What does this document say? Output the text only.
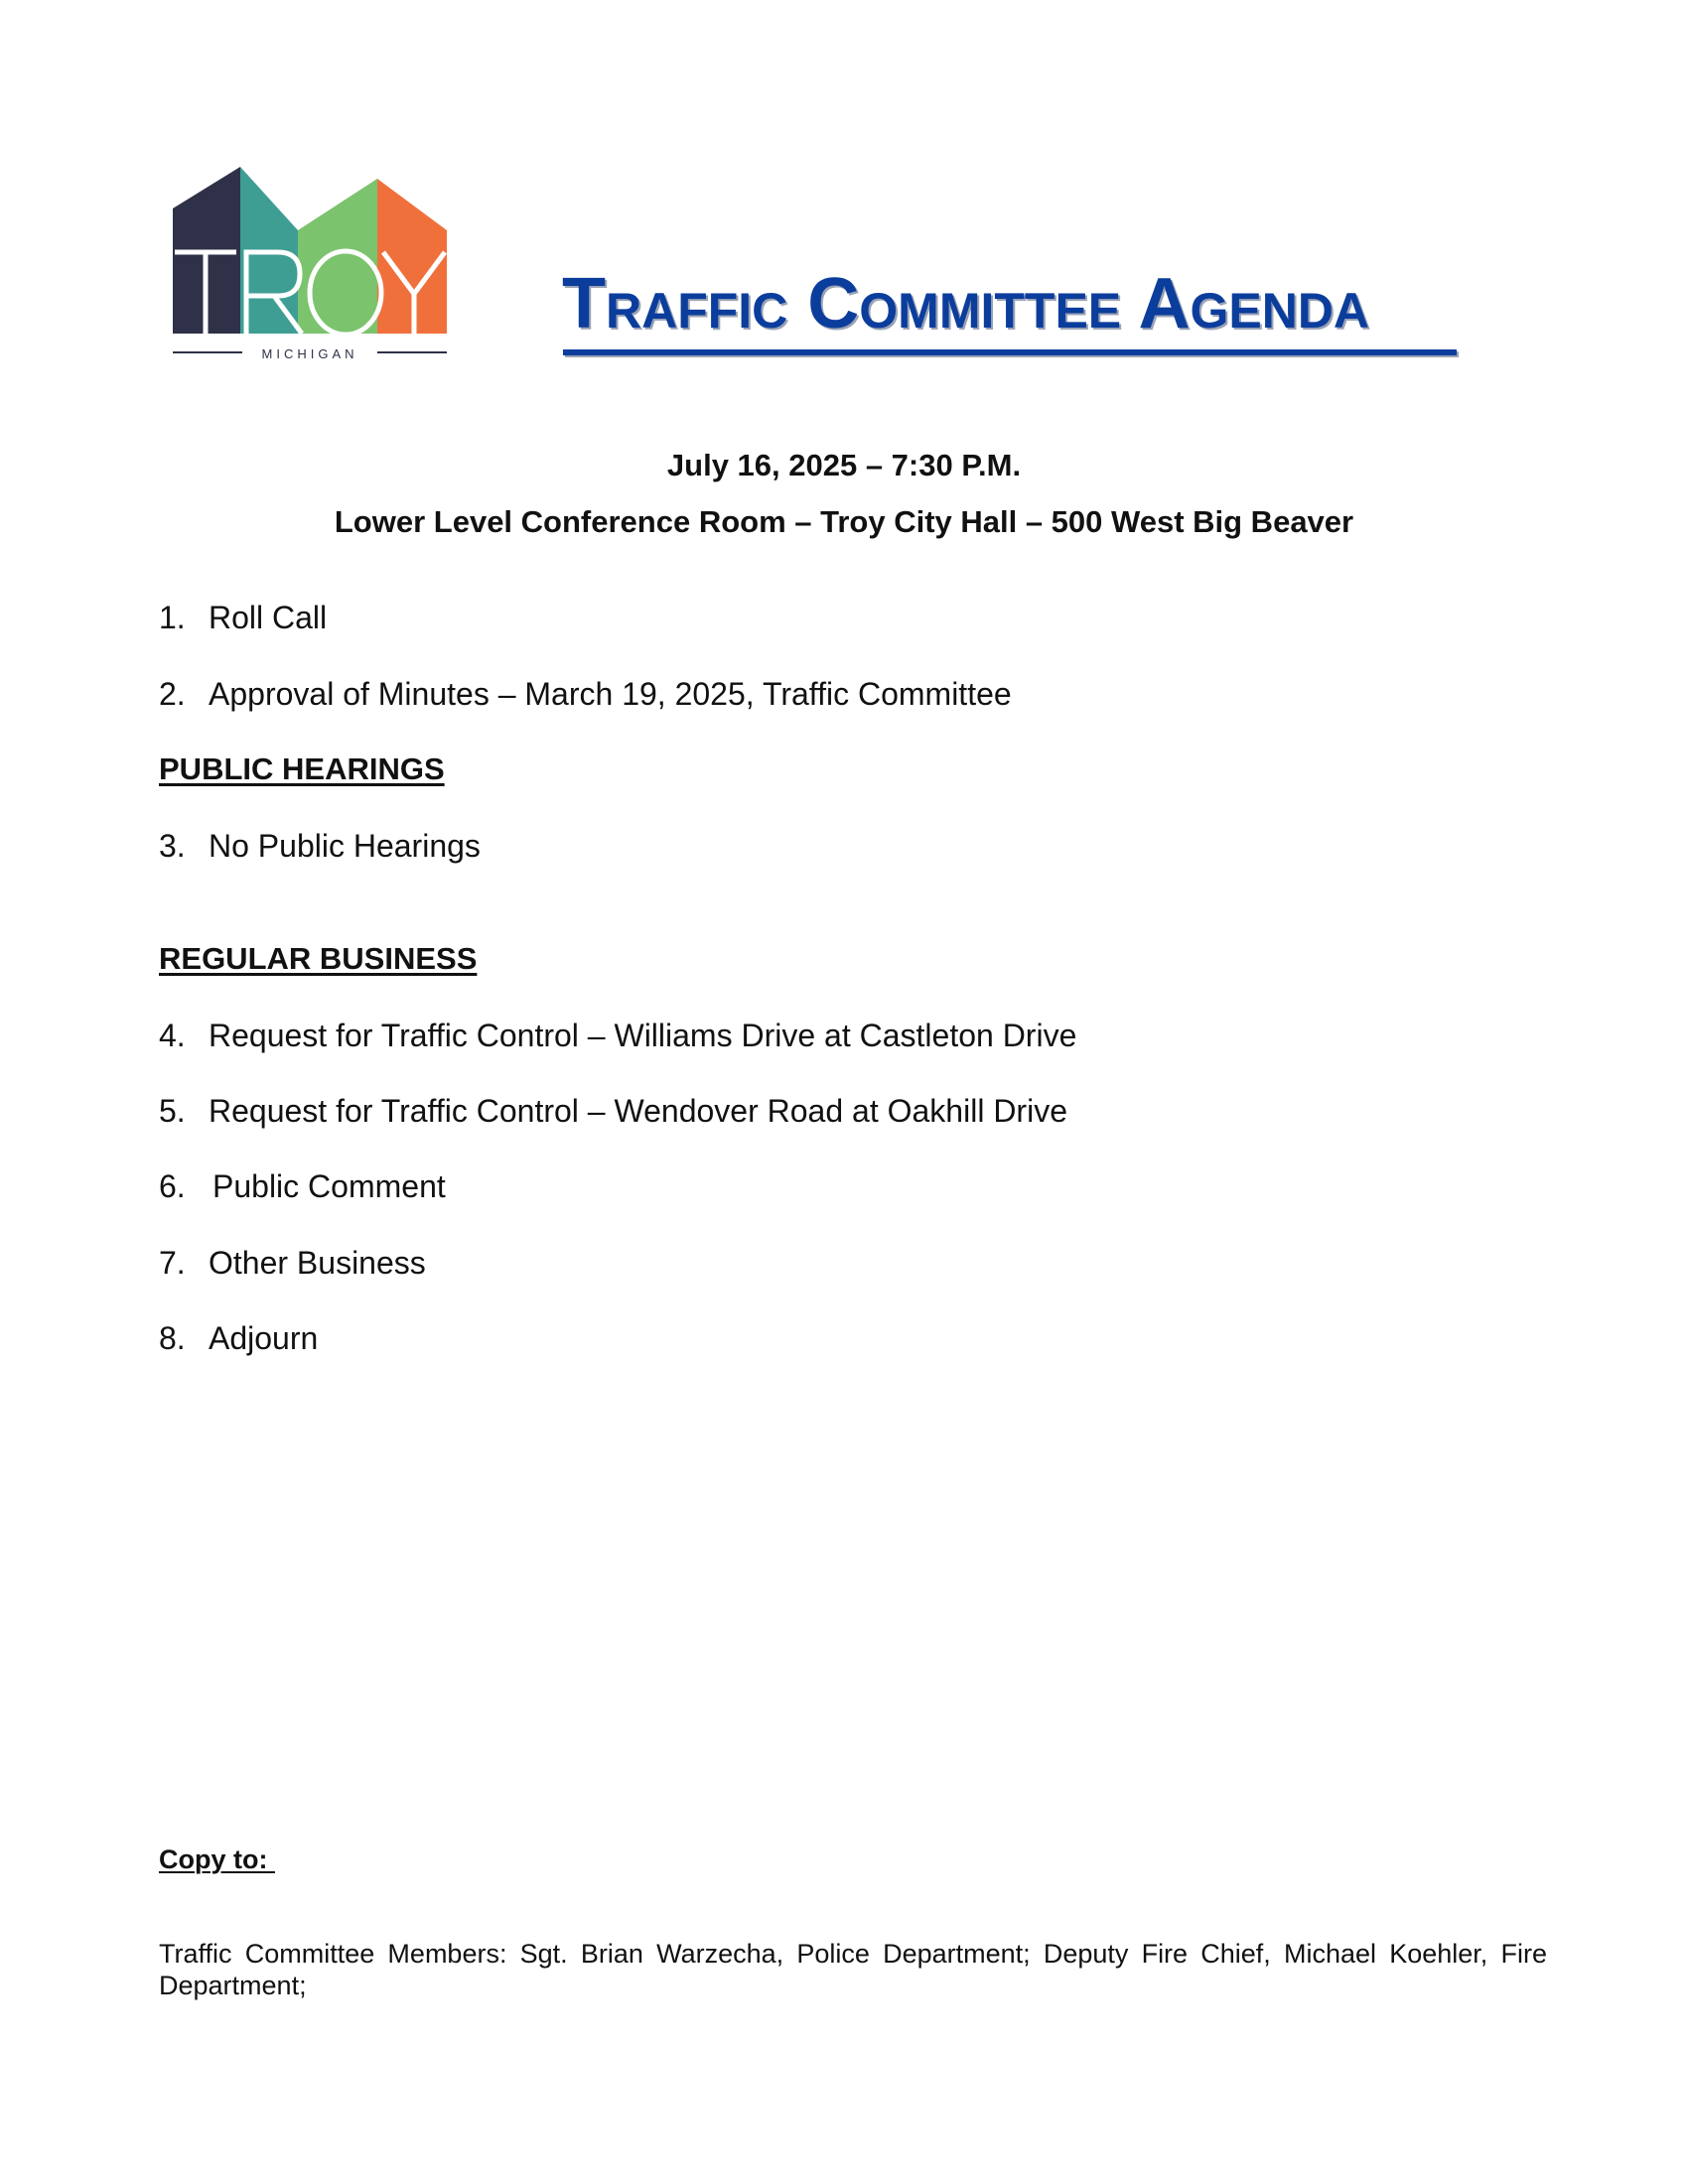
MICHIGAN
Traffic Committee Agenda
July 16, 2025 – 7:30 P.M.
Lower Level Conference Room – Troy City Hall – 500 West Big Beaver
1. Roll Call
2. Approval of Minutes – March 19, 2025, Traffic Committee
PUBLIC HEARINGS
3. No Public Hearings
REGULAR BUSINESS
4. Request for Traffic Control – Williams Drive at Castleton Drive
5. Request for Traffic Control – Wendover Road at Oakhill Drive
6. Public Comment
7. Other Business
8. Adjourn
Copy to:
Traffic Committee Members: Sgt. Brian Warzecha, Police Department; Deputy Fire Chief, Michael Koehler, Fire Department;
